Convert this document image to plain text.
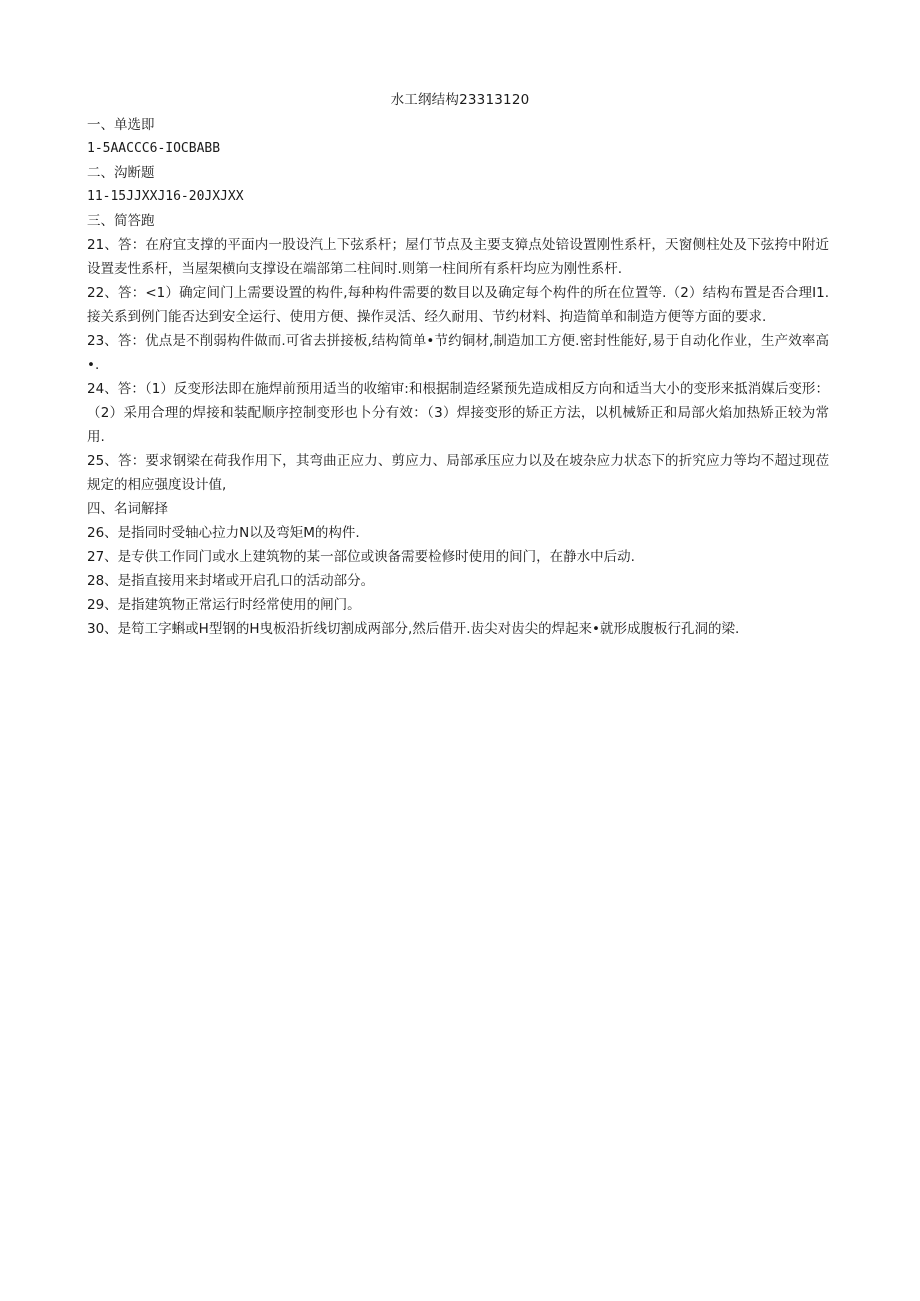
水工纲结构23313120

一、单选即

1-5AACCC6-IOCBABB

二、沟断题

11-15JJXXJ16-20JXJXX

三、简答跑

21、答：在府宜支撑的平面内一股设汽上下弦系杆；屋仃节点及主要支獐点处锫设置刚性系杆，天窗侧柱处及下弦挎中附近设置麦性系杆，当屋架横向支撑设在端部第二柱间时.则第一柱间所有系杆均应为刚性系杆.

22、答：<1）确定间门上需要设置的构件,每种构件需要的数目以及确定每个构件的所在位置等.（2）结构布置是否合理I1.接关系到例门能否达到安全运行、使用方便、操作灵活、经久耐用、节约材料、拘造简单和制造方便等方面的要求.

23、答：优点是不削弱构件做而.可省去拼接板,结构简单•节约铜材,制造加工方便.密封性能好,易于自动化作业，生产效率高•.

24、答：（1）反变形法即在施焊前预用适当的收缩审:和根据制造经紧预先造成相反方向和适当大小的变形来抵消媒后变形：（2）采用合理的焊接和装配顺序控制变形也卜分有效：（3）焊接变形的矫正方法，以机械矫正和局部火焰加热矫正较为常用.

25、答：要求钢梁在荷我作用下，其弯曲正应力、剪应力、局部承压应力以及在坡杂应力状态下的折究应力等均不超过现莅规定的相应强度设计值,

四、名词解择

26、是指同时受轴心拉力N以及弯矩M的构件.

27、是专供工作同门或水上建筑物的某一部位或谀备需要检修时使用的间门，在静水中后动.

28、是指直接用来封堵或开启孔口的活动部分。

29、是指建筑物正常运行时经常使用的闸门。

30、是笱工字蝌或H型钢的H曳板沿折线切割成两部分,然后借开.齿尖对齿尖的焊起来•就形成腹板行孔洞的梁.
